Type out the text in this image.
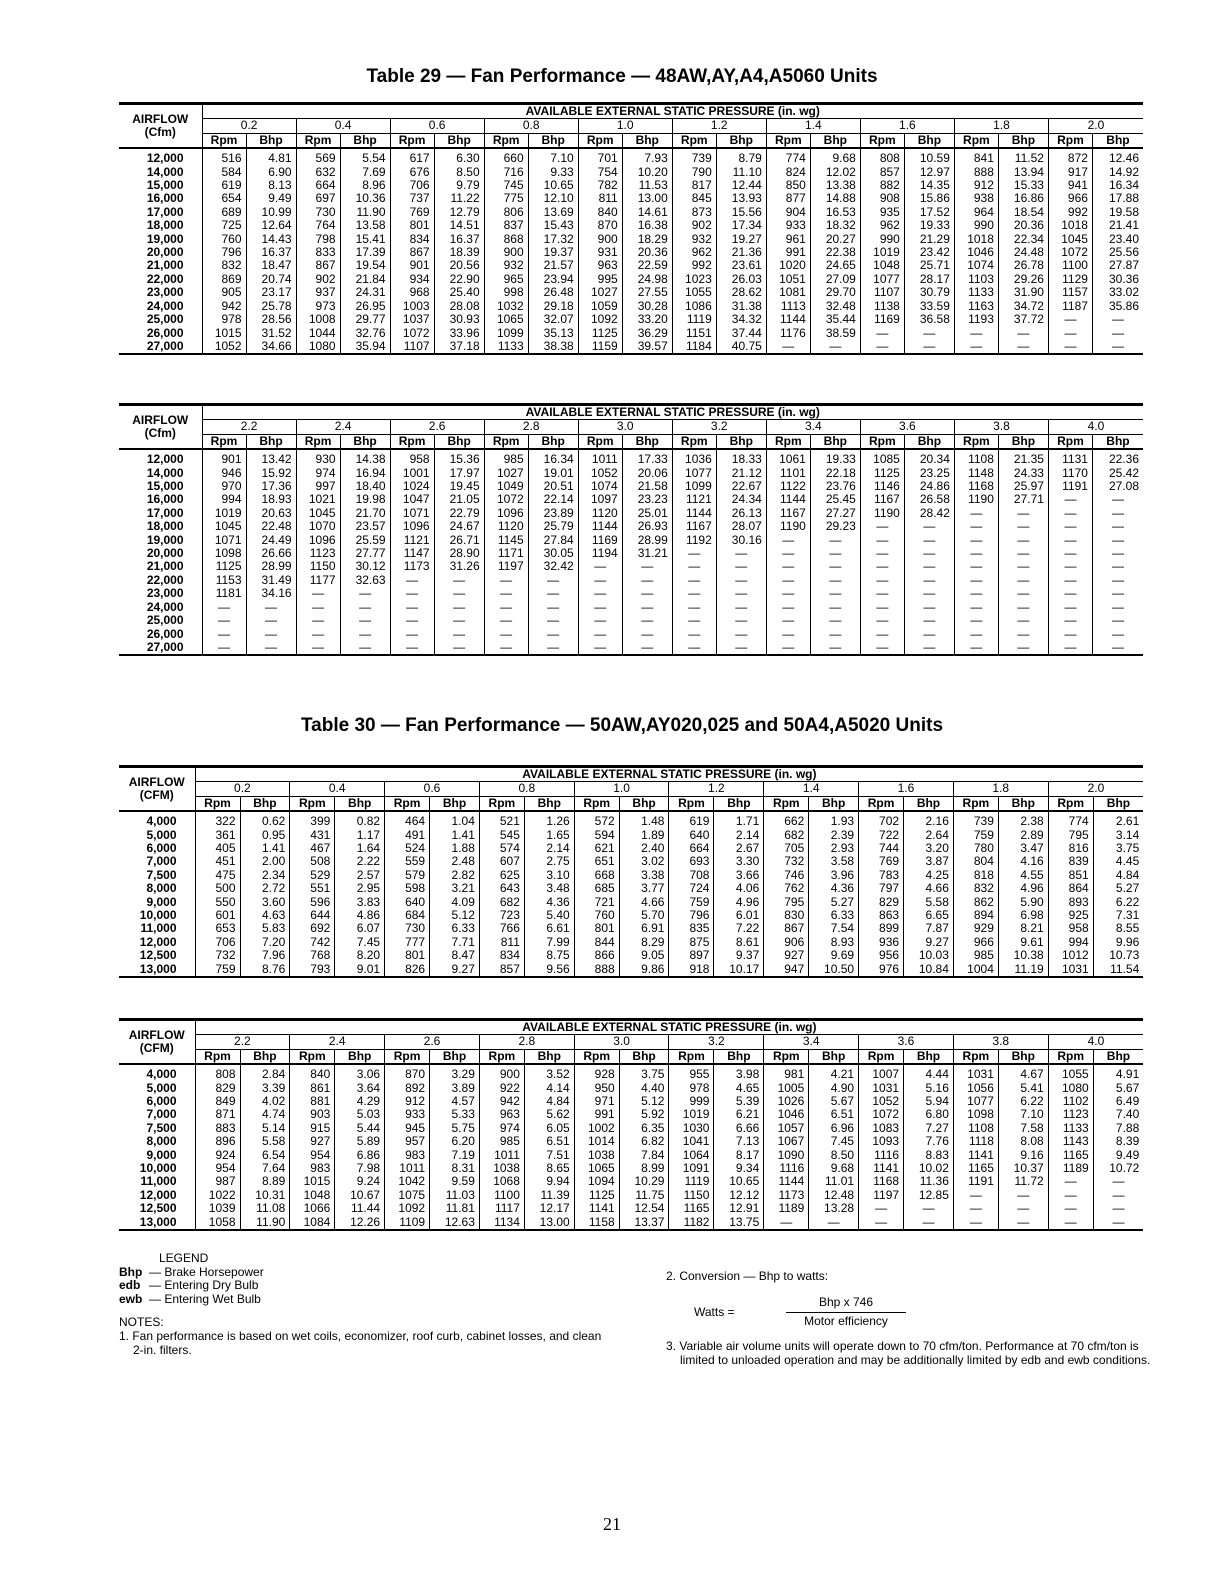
Table 29 — Fan Performance — 48AW,AY,A4,A5060 Units
AIRFLOW
(Cfm)	AVAILABLE EXTERNAL STATIC PRESSURE (in. wg)																			
	0.2		0.4		0.6		0.8		1.0		1.2		1.4		1.6		1.8		2.0	
	Rpm	Bhp	Rpm	Bhp	Rpm	Bhp	Rpm	Bhp	Rpm	Bhp	Rpm	Bhp	Rpm	Bhp	Rpm	Bhp	Rpm	Bhp	Rpm	Bhp
12,000	516	4.81	569	5.54	617	6.30	660	7.10	701	7.93	739	8.79	774	9.68	808	10.59	841	11.52	872	12.46
14,000	584	6.90	632	7.69	676	8.50	716	9.33	754	10.20	790	11.10	824	12.02	857	12.97	888	13.94	917	14.92
15,000	619	8.13	664	8.96	706	9.79	745	10.65	782	11.53	817	12.44	850	13.38	882	14.35	912	15.33	941	16.34
16,000	654	9.49	697	10.36	737	11.22	775	12.10	811	13.00	845	13.93	877	14.88	908	15.86	938	16.86	966	17.88
17,000	689	10.99	730	11.90	769	12.79	806	13.69	840	14.61	873	15.56	904	16.53	935	17.52	964	18.54	992	19.58
18,000	725	12.64	764	13.58	801	14.51	837	15.43	870	16.38	902	17.34	933	18.32	962	19.33	990	20.36	1018	21.41
19,000	760	14.43	798	15.41	834	16.37	868	17.32	900	18.29	932	19.27	961	20.27	990	21.29	1018	22.34	1045	23.40
20,000	796	16.37	833	17.39	867	18.39	900	19.37	931	20.36	962	21.36	991	22.38	1019	23.42	1046	24.48	1072	25.56
21,000	832	18.47	867	19.54	901	20.56	932	21.57	963	22.59	992	23.61	1020	24.65	1048	25.71	1074	26.78	1100	27.87
22,000	869	20.74	902	21.84	934	22.90	965	23.94	995	24.98	1023	26.03	1051	27.09	1077	28.17	1103	29.26	1129	30.36
23,000	905	23.17	937	24.31	968	25.40	998	26.48	1027	27.55	1055	28.62	1081	29.70	1107	30.79	1133	31.90	1157	33.02
24,000	942	25.78	973	26.95	1003	28.08	1032	29.18	1059	30.28	1086	31.38	1113	32.48	1138	33.59	1163	34.72	1187	35.86
25,000	978	28.56	1008	29.77	1037	30.93	1065	32.07	1092	33.20	1119	34.32	1144	35.44	1169	36.58	1193	37.72	—	—
26,000	1015	31.52	1044	32.76	1072	33.96	1099	35.13	1125	36.29	1151	37.44	1176	38.59	—	—	—	—	—	—
27,000	1052	34.66	1080	35.94	1107	37.18	1133	38.38	1159	39.57	1184	40.75	—	—	—	—	—	—	—	—
AIRFLOW
(Cfm)	AVAILABLE EXTERNAL STATIC PRESSURE (in. wg)																			
	2.2		2.4		2.6		2.8		3.0		3.2		3.4		3.6		3.8		4.0	
	Rpm	Bhp	Rpm	Bhp	Rpm	Bhp	Rpm	Bhp	Rpm	Bhp	Rpm	Bhp	Rpm	Bhp	Rpm	Bhp	Rpm	Bhp	Rpm	Bhp
12,000	901	13.42	930	14.38	958	15.36	985	16.34	1011	17.33	1036	18.33	1061	19.33	1085	20.34	1108	21.35	1131	22.36
14,000	946	15.92	974	16.94	1001	17.97	1027	19.01	1052	20.06	1077	21.12	1101	22.18	1125	23.25	1148	24.33	1170	25.42
15,000	970	17.36	997	18.40	1024	19.45	1049	20.51	1074	21.58	1099	22.67	1122	23.76	1146	24.86	1168	25.97	1191	27.08
16,000	994	18.93	1021	19.98	1047	21.05	1072	22.14	1097	23.23	1121	24.34	1144	25.45	1167	26.58	1190	27.71	—	—
17,000	1019	20.63	1045	21.70	1071	22.79	1096	23.89	1120	25.01	1144	26.13	1167	27.27	1190	28.42	—	—	—	—
18,000	1045	22.48	1070	23.57	1096	24.67	1120	25.79	1144	26.93	1167	28.07	1190	29.23	—	—	—	—	—	—
19,000	1071	24.49	1096	25.59	1121	26.71	1145	27.84	1169	28.99	1192	30.16	—	—	—	—	—	—	—	—
20,000	1098	26.66	1123	27.77	1147	28.90	1171	30.05	1194	31.21	—	—	—	—	—	—	—	—	—	—
21,000	1125	28.99	1150	30.12	1173	31.26	1197	32.42	—	—	—	—	—	—	—	—	—	—	—	—
22,000	1153	31.49	1177	32.63	—	—	—	—	—	—	—	—	—	—	—	—	—	—	—	—
23,000	1181	34.16	—	—	—	—	—	—	—	—	—	—	—	—	—	—	—	—	—	—
24,000	—	—	—	—	—	—	—	—	—	—	—	—	—	—	—	—	—	—	—	—
25,000	—	—	—	—	—	—	—	—	—	—	—	—	—	—	—	—	—	—	—	—
26,000	—	—	—	—	—	—	—	—	—	—	—	—	—	—	—	—	—	—	—	—
27,000	—	—	—	—	—	—	—	—	—	—	—	—	—	—	—	—	—	—	—	—
Table 30 — Fan Performance — 50AW,AY020,025 and 50A4,A5020 Units
AIRFLOW
(CFM)	AVAILABLE EXTERNAL STATIC PRESSURE (in. wg)																			
	0.2		0.4		0.6		0.8		1.0		1.2		1.4		1.6		1.8		2.0	
	Rpm	Bhp	Rpm	Bhp	Rpm	Bhp	Rpm	Bhp	Rpm	Bhp	Rpm	Bhp	Rpm	Bhp	Rpm	Bhp	Rpm	Bhp	Rpm	Bhp
4,000	322	0.62	399	0.82	464	1.04	521	1.26	572	1.48	619	1.71	662	1.93	702	2.16	739	2.38	774	2.61
5,000	361	0.95	431	1.17	491	1.41	545	1.65	594	1.89	640	2.14	682	2.39	722	2.64	759	2.89	795	3.14
6,000	405	1.41	467	1.64	524	1.88	574	2.14	621	2.40	664	2.67	705	2.93	744	3.20	780	3.47	816	3.75
7,000	451	2.00	508	2.22	559	2.48	607	2.75	651	3.02	693	3.30	732	3.58	769	3.87	804	4.16	839	4.45
7,500	475	2.34	529	2.57	579	2.82	625	3.10	668	3.38	708	3.66	746	3.96	783	4.25	818	4.55	851	4.84
8,000	500	2.72	551	2.95	598	3.21	643	3.48	685	3.77	724	4.06	762	4.36	797	4.66	832	4.96	864	5.27
9,000	550	3.60	596	3.83	640	4.09	682	4.36	721	4.66	759	4.96	795	5.27	829	5.58	862	5.90	893	6.22
10,000	601	4.63	644	4.86	684	5.12	723	5.40	760	5.70	796	6.01	830	6.33	863	6.65	894	6.98	925	7.31
11,000	653	5.83	692	6.07	730	6.33	766	6.61	801	6.91	835	7.22	867	7.54	899	7.87	929	8.21	958	8.55
12,000	706	7.20	742	7.45	777	7.71	811	7.99	844	8.29	875	8.61	906	8.93	936	9.27	966	9.61	994	9.96
12,500	732	7.96	768	8.20	801	8.47	834	8.75	866	9.05	897	9.37	927	9.69	956	10.03	985	10.38	1012	10.73
13,000	759	8.76	793	9.01	826	9.27	857	9.56	888	9.86	918	10.17	947	10.50	976	10.84	1004	11.19	1031	11.54
AIRFLOW
(CFM)	AVAILABLE EXTERNAL STATIC PRESSURE (in. wg)																			
	2.2		2.4		2.6		2.8		3.0		3.2		3.4		3.6		3.8		4.0	
	Rpm	Bhp	Rpm	Bhp	Rpm	Bhp	Rpm	Bhp	Rpm	Bhp	Rpm	Bhp	Rpm	Bhp	Rpm	Bhp	Rpm	Bhp	Rpm	Bhp
4,000	808	2.84	840	3.06	870	3.29	900	3.52	928	3.75	955	3.98	981	4.21	1007	4.44	1031	4.67	1055	4.91
5,000	829	3.39	861	3.64	892	3.89	922	4.14	950	4.40	978	4.65	1005	4.90	1031	5.16	1056	5.41	1080	5.67
6,000	849	4.02	881	4.29	912	4.57	942	4.84	971	5.12	999	5.39	1026	5.67	1052	5.94	1077	6.22	1102	6.49
7,000	871	4.74	903	5.03	933	5.33	963	5.62	991	5.92	1019	6.21	1046	6.51	1072	6.80	1098	7.10	1123	7.40
7,500	883	5.14	915	5.44	945	5.75	974	6.05	1002	6.35	1030	6.66	1057	6.96	1083	7.27	1108	7.58	1133	7.88
8,000	896	5.58	927	5.89	957	6.20	985	6.51	1014	6.82	1041	7.13	1067	7.45	1093	7.76	1118	8.08	1143	8.39
9,000	924	6.54	954	6.86	983	7.19	1011	7.51	1038	7.84	1064	8.17	1090	8.50	1116	8.83	1141	9.16	1165	9.49
10,000	954	7.64	983	7.98	1011	8.31	1038	8.65	1065	8.99	1091	9.34	1116	9.68	1141	10.02	1165	10.37	1189	10.72
11,000	987	8.89	1015	9.24	1042	9.59	1068	9.94	1094	10.29	1119	10.65	1144	11.01	1168	11.36	1191	11.72	—	—
12,000	1022	10.31	1048	10.67	1075	11.03	1100	11.39	1125	11.75	1150	12.12	1173	12.48	1197	12.85	—	—	—	—
12,500	1039	11.08	1066	11.44	1092	11.81	1117	12.17	1141	12.54	1165	12.91	1189	13.28	—	—	—	—	—	—
13,000	1058	11.90	1084	12.26	1109	12.63	1134	13.00	1158	13.37	1182	13.75	—	—	—	—	—	—	—	—
LEGEND
Bhp — Brake Horsepower
edb — Entering Dry Bulb
ewb — Entering Wet Bulb
NOTES:
1. Fan performance is based on wet coils, economizer, roof curb, cabinet losses, and clean 2-in. filters.
2. Conversion — Bhp to watts:
Watts =
Bhp x 746
Motor efficiency
3. Variable air volume units will operate down to 70 cfm/ton. Performance at 70 cfm/ton is limited to unloaded operation and may be additionally limited by edb and ewb conditions.
21
